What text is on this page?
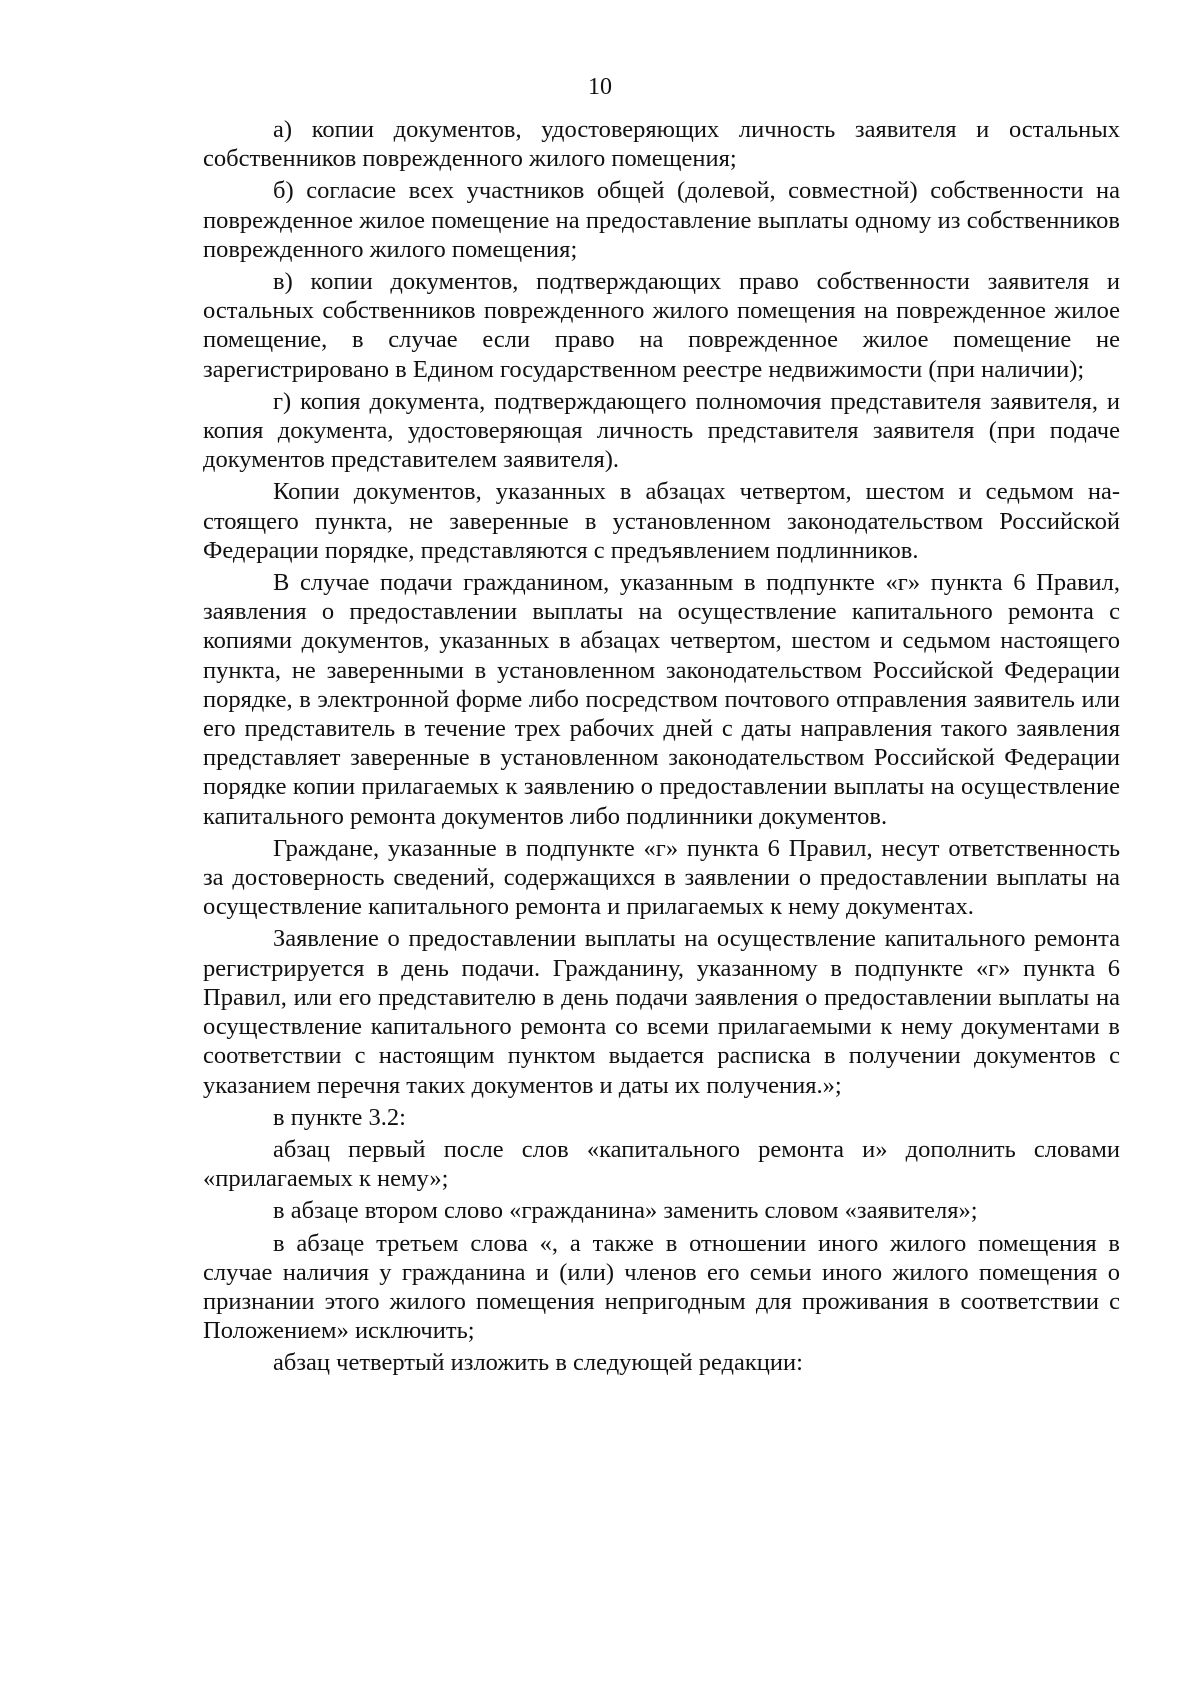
10

а) копии документов, удостоверяющих личность заявителя и остальных собственников поврежденного жилого помещения;

б) согласие всех участников общей (долевой, совместной) собственности на поврежденное жилое помещение на предоставление выплаты одному из собственников поврежденного жилого помещения;

в) копии документов, подтверждающих право собственности заявителя и остальных собственников поврежденного жилого помещения на поврежденное жилое помещение, в случае если право на поврежденное жилое помещение не зарегистрировано в Едином государственном реестре недвижимости (при наличии);

г) копия документа, подтверждающего полномочия представителя заявителя, и копия документа, удостоверяющая личность представителя заявителя (при подаче документов представителем заявителя).

Копии документов, указанных в абзацах четвертом, шестом и седьмом настоящего пункта, не заверенные в установленном законодательством Российской Федерации порядке, представляются с предъявлением подлинников.

В случае подачи гражданином, указанным в подпункте «г» пункта 6 Правил, заявления о предоставлении выплаты на осуществление капитального ремонта с копиями документов, указанных в абзацах четвертом, шестом и седьмом настоящего пункта, не заверенными в установленном законодательством Российской Федерации порядке, в электронной форме либо посредством почтового отправления заявитель или его представитель в течение трех рабочих дней с даты направления такого заявления представляет заверенные в установленном законодательством Российской Федерации порядке копии прилагаемых к заявлению о предоставлении выплаты на осуществление капитального ремонта документов либо подлинники документов.

Граждане, указанные в подпункте «г» пункта 6 Правил, несут ответственность за достоверность сведений, содержащихся в заявлении о предоставлении выплаты на осуществление капитального ремонта и прилагаемых к нему документах.

Заявление о предоставлении выплаты на осуществление капитального ремонта регистрируется в день подачи. Гражданину, указанному в подпункте «г» пункта 6 Правил, или его представителю в день подачи заявления о предоставлении выплаты на осуществление капитального ремонта со всеми прилагаемыми к нему документами в соответствии с настоящим пунктом выдается расписка в получении документов с указанием перечня таких документов и даты их получения.»;

в пункте 3.2:

абзац первый после слов «капитального ремонта и» дополнить словами «прилагаемых к нему»;

в абзаце втором слово «гражданина» заменить словом «заявителя»;

в абзаце третьем слова «, а также в отношении иного жилого помещения в случае наличия у гражданина и (или) членов его семьи иного жилого помещения о признании этого жилого помещения непригодным для проживания в соответствии с Положением» исключить;

абзац четвертый изложить в следующей редакции:
